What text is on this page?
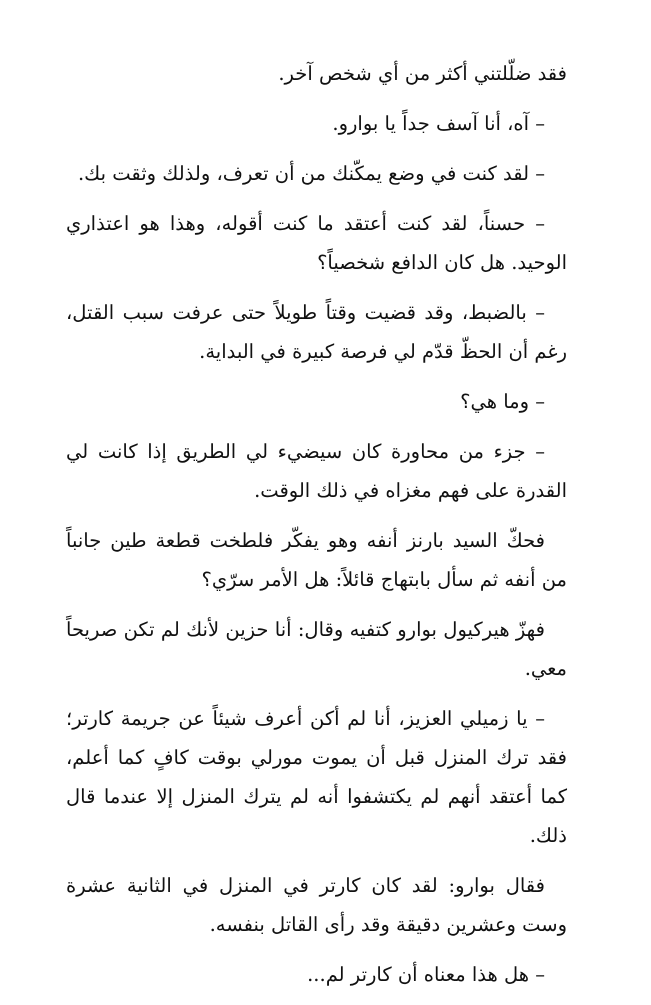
فقد ضلّلتني أكثر من أي شخص آخر.

– آه، أنا آسف جداً يا بوارو.

– لقد كنت في وضع يمكّنك من أن تعرف، ولذلك وثقت بك.

– حسناً، لقد كنت أعتقد ما كنت أقوله، وهذا هو اعتذاري الوحيد. هل كان الدافع شخصياً؟

– بالضبط، وقد قضيت وقتاً طويلاً حتى عرفت سبب القتل، رغم أن الحظّ قدّم لي فرصة كبيرة في البداية.

– وما هي؟

– جزء من محاورة كان سيضيء لي الطريق إذا كانت لي القدرة على فهم مغزاه في ذلك الوقت.

فحكّ السيد بارنز أنفه وهو يفكّر فلطخت قطعة طين جانباً من أنفه ثم سأل بابتهاج قائلاً: هل الأمر سرّي؟

فهزّ هيركيول بوارو كتفيه وقال: أنا حزين لأنك لم تكن صريحاً معي.

– يا زميلي العزيز، أنا لم أكن أعرف شيئاً عن جريمة كارتر؛ فقد ترك المنزل قبل أن يموت مورلي بوقت كافٍ كما أعلم، كما أعتقد أنهم لم يكتشفوا أنه لم يترك المنزل إلا عندما قال ذلك.

فقال بوارو: لقد كان كارتر في المنزل في الثانية عشرة وست وعشرين دقيقة وقد رأى القاتل بنفسه.

– هل هذا معناه أن كارتر لم...
